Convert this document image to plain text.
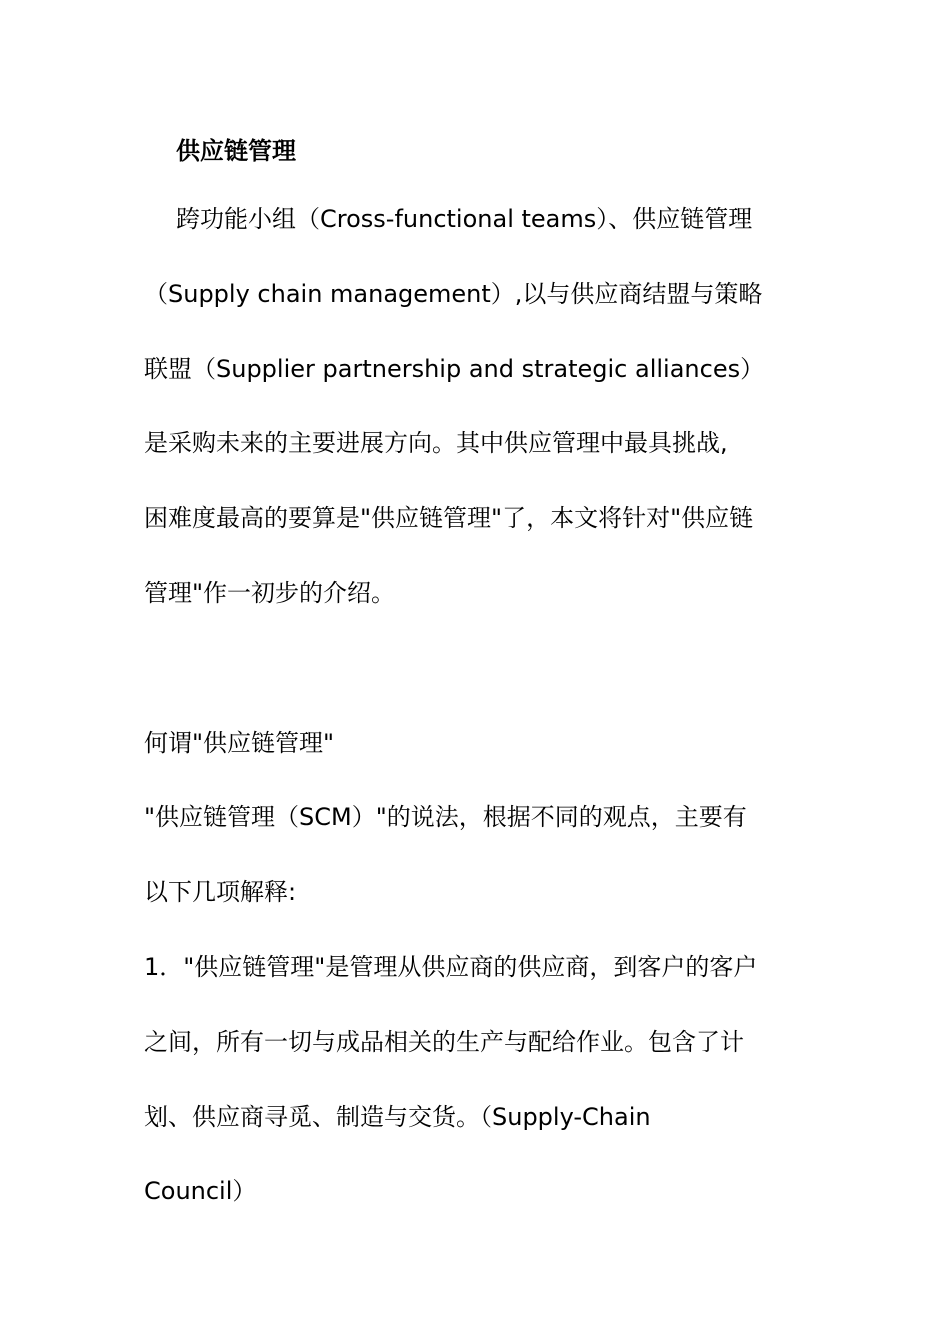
供应链管理
跨功能小组（Cross-functional teams）、供应链管理
（Supply chain management）,以与供应商结盟与策略
联盟（Supplier partnership and strategic alliances）
是采购未来的主要进展方向。其中供应管理中最具挑战,
困难度最高的要算是"供应链管理"了，本文将针对"供应链
管理"作一初步的介绍。
何谓"供应链管理"
"供应链管理（SCM）"的说法，根据不同的观点，主要有
以下几项解释:
1．"供应链管理"是管理从供应商的供应商，到客户的客户
之间，所有一切与成品相关的生产与配给作业。包含了计
划、供应商寻觅、制造与交货。（Supply-Chain
Council）
